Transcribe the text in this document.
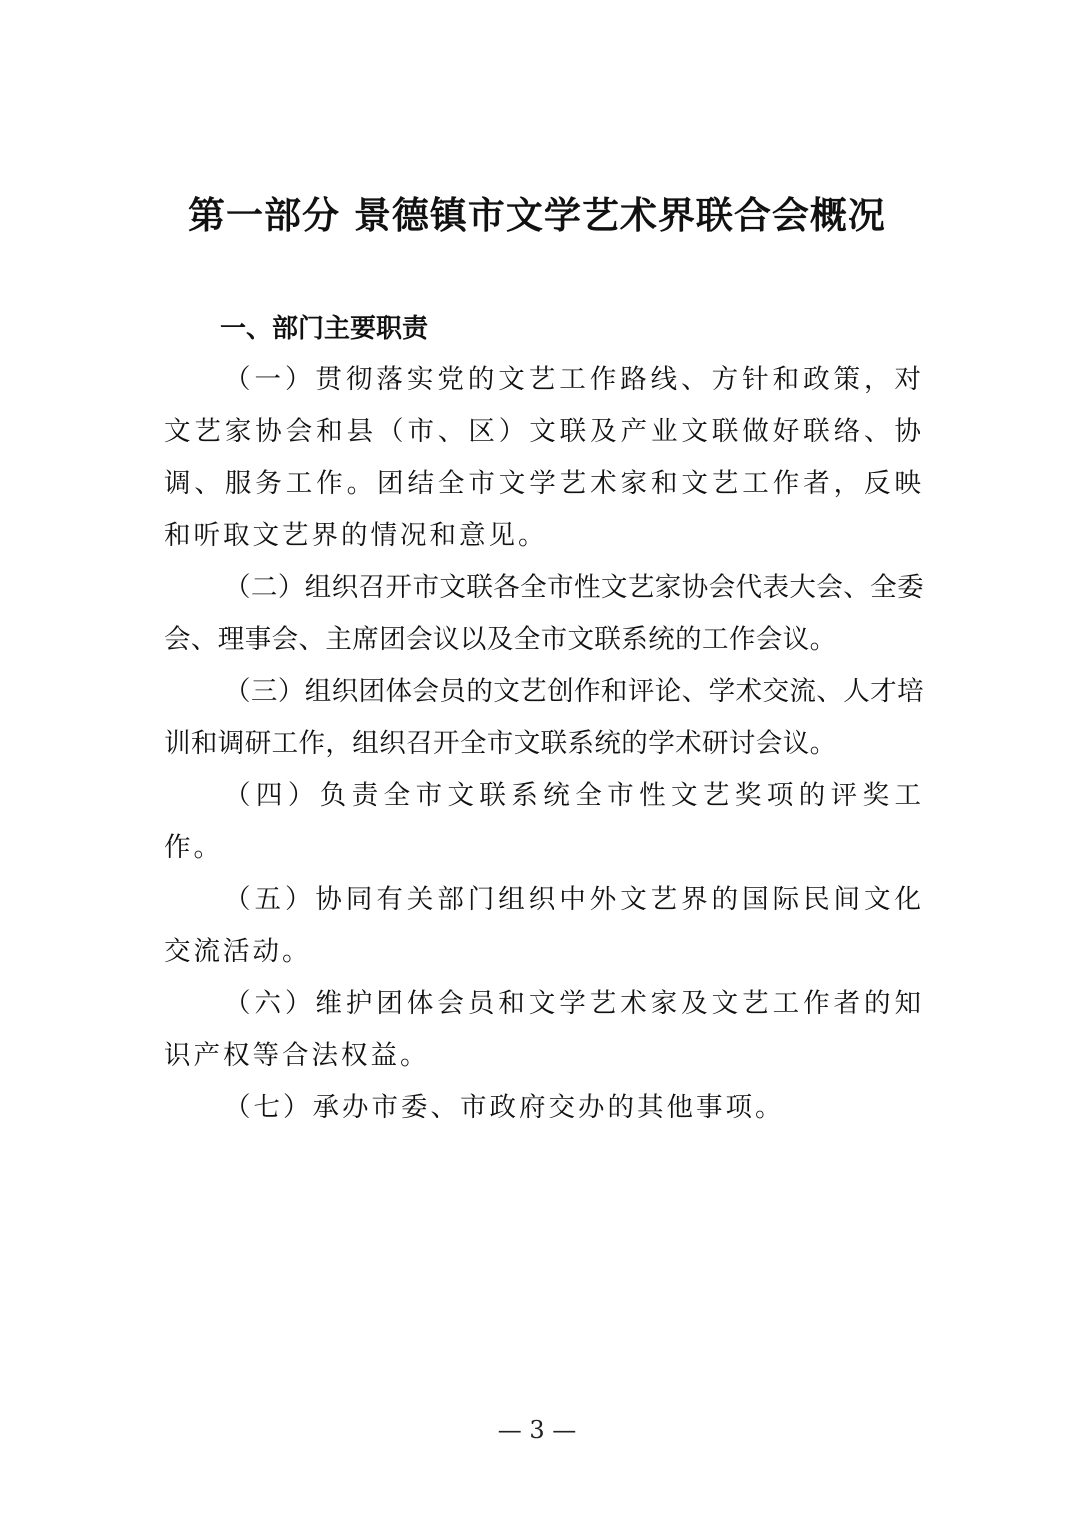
第一部分 景德镇市文学艺术界联合会概况
一、部门主要职责

（一）贯彻落实党的文艺工作路线、方针和政策，对文艺家协会和县（市、区）文联及产业文联做好联络、协调、服务工作。团结全市文学艺术家和文艺工作者，反映和听取文艺界的情况和意见。

（二）组织召开市文联各全市性文艺家协会代表大会、全委会、理事会、主席团会议以及全市文联系统的工作会议。

（三）组织团体会员的文艺创作和评论、学术交流、人才培训和调研工作，组织召开全市文联系统的学术研讨会议。

（四）负责全市文联系统全市性文艺奖项的评奖工作。

（五）协同有关部门组织中外文艺界的国际民间文化交流活动。

（六）维护团体会员和文学艺术家及文艺工作者的知识产权等合法权益。

（七）承办市委、市政府交办的其他事项。

— 3 —
